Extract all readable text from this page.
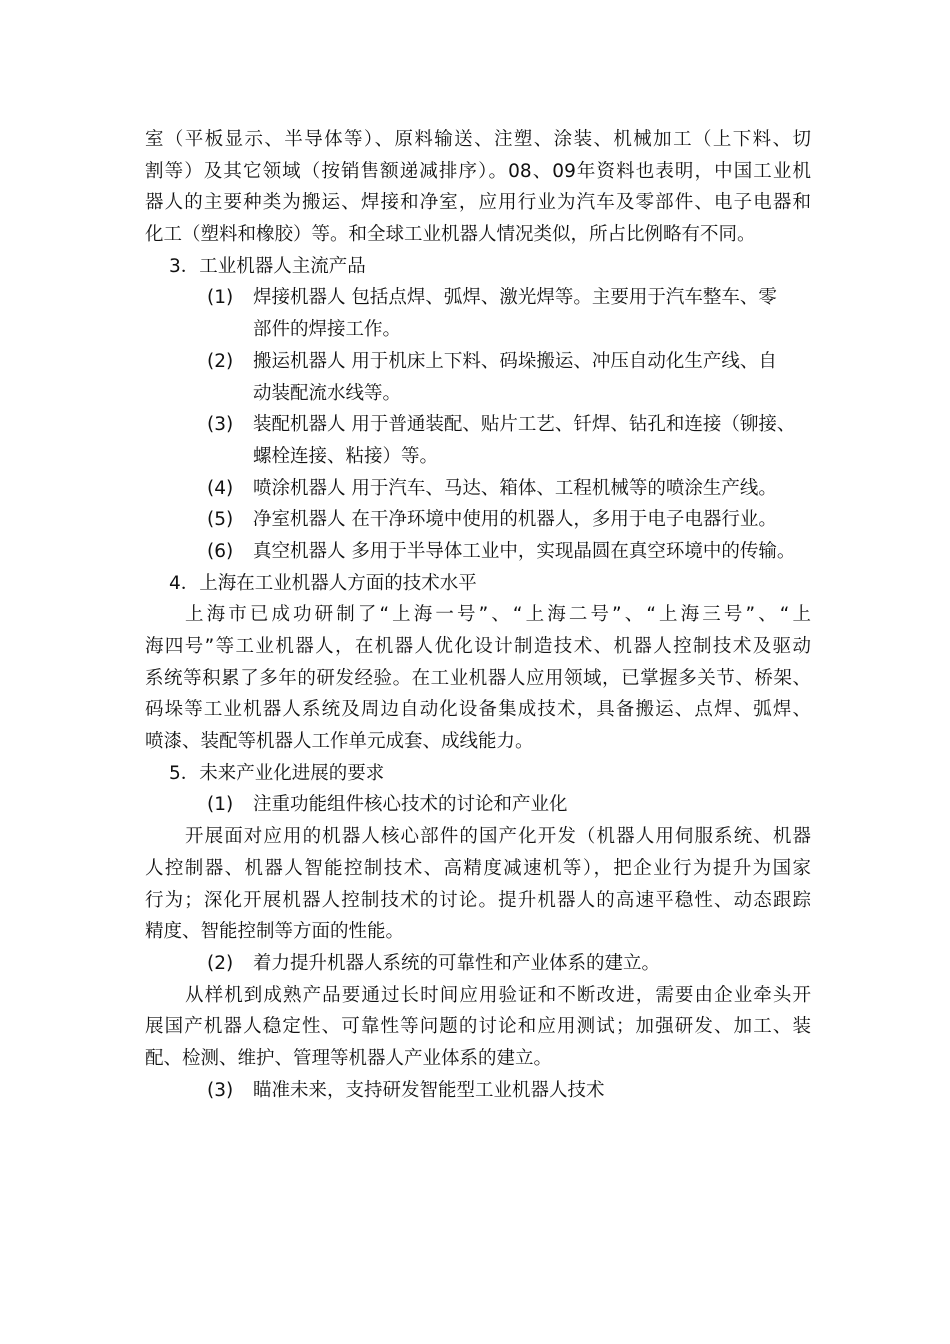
室（平板显示、半导体等）、原料输送、注塑、涂装、机械加工（上下料、切
割等）及其它领域（按销售额递减排序）。08、09年资料也表明，中国工业机
器人的主要种类为搬运、焊接和净室，应用行业为汽车及零部件、电子电器和
化工（塑料和橡胶）等。和全球工业机器人情况类似，所占比例略有不同。
3．工业机器人主流产品
(1) 焊接机器人 包括点焊、弧焊、激光焊等。主要用于汽车整车、零
部件的焊接工作。
(2) 搬运机器人 用于机床上下料、码垛搬运、冲压自动化生产线、自
动装配流水线等。
(3) 装配机器人 用于普通装配、贴片工艺、钎焊、钻孔和连接（铆接、
螺栓连接、粘接）等。
(4) 喷涂机器人 用于汽车、马达、箱体、工程机械等的喷涂生产线。
(5) 净室机器人 在干净环境中使用的机器人，多用于电子电器行业。
(6) 真空机器人 多用于半导体工业中，实现晶圆在真空环境中的传输。
4．上海在工业机器人方面的技术水平
上海市已成功研制了“上海一号”、“上海二号”、“上海三号”、“上
海四号”等工业机器人，在机器人优化设计制造技术、机器人控制技术及驱动
系统等积累了多年的研发经验。在工业机器人应用领域，已掌握多关节、桥架、
码垛等工业机器人系统及周边自动化设备集成技术，具备搬运、点焊、弧焊、
喷漆、装配等机器人工作单元成套、成线能力。
5．未来产业化进展的要求
(1) 注重功能组件核心技术的讨论和产业化
开展面对应用的机器人核心部件的国产化开发（机器人用伺服系统、机器
人控制器、机器人智能控制技术、高精度减速机等），把企业行为提升为国家
行为；深化开展机器人控制技术的讨论。提升机器人的高速平稳性、动态跟踪
精度、智能控制等方面的性能。
(2) 着力提升机器人系统的可靠性和产业体系的建立。
从样机到成熟产品要通过长时间应用验证和不断改进，需要由企业牵头开
展国产机器人稳定性、可靠性等问题的讨论和应用测试；加强研发、加工、装
配、检测、维护、管理等机器人产业体系的建立。
(3) 瞄准未来，支持研发智能型工业机器人技术
